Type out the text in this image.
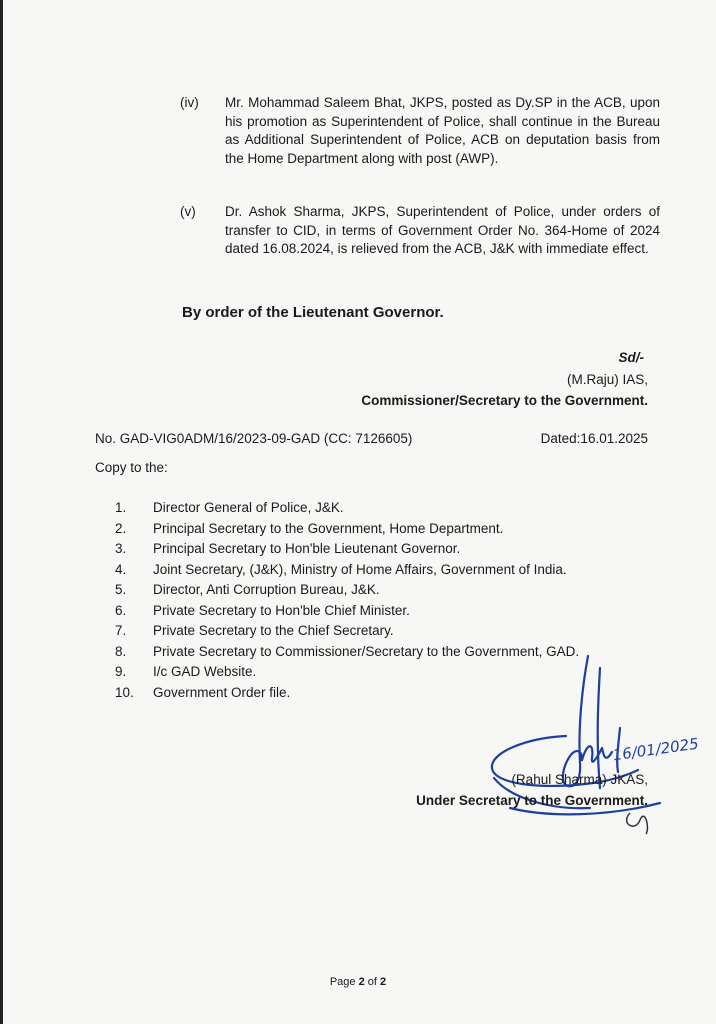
(iv) Mr. Mohammad Saleem Bhat, JKPS, posted as Dy.SP in the ACB, upon his promotion as Superintendent of Police, shall continue in the Bureau as Additional Superintendent of Police, ACB on deputation basis from the Home Department along with post (AWP).
(v) Dr. Ashok Sharma, JKPS, Superintendent of Police, under orders of transfer to CID, in terms of Government Order No. 364-Home of 2024 dated 16.08.2024, is relieved from the ACB, J&K with immediate effect.
By order of the Lieutenant Governor.
Sd/-
(M.Raju) IAS,
Commissioner/Secretary to the Government.
No. GAD-VIG0ADM/16/2023-09-GAD (CC: 7126605)	Dated:16.01.2025
Copy to the:
1. Director General of Police, J&K.
2. Principal Secretary to the Government, Home Department.
3. Principal Secretary to Hon'ble Lieutenant Governor.
4. Joint Secretary, (J&K), Ministry of Home Affairs, Government of India.
5. Director, Anti Corruption Bureau, J&K.
6. Private Secretary to Hon'ble Chief Minister.
7. Private Secretary to the Chief Secretary.
8. Private Secretary to Commissioner/Secretary to the Government, GAD.
9. I/c GAD Website.
10. Government Order file.
16/01/2025
(Rahul Sharma) JKAS,
Under Secretary to the Government.
Page 2 of 2
